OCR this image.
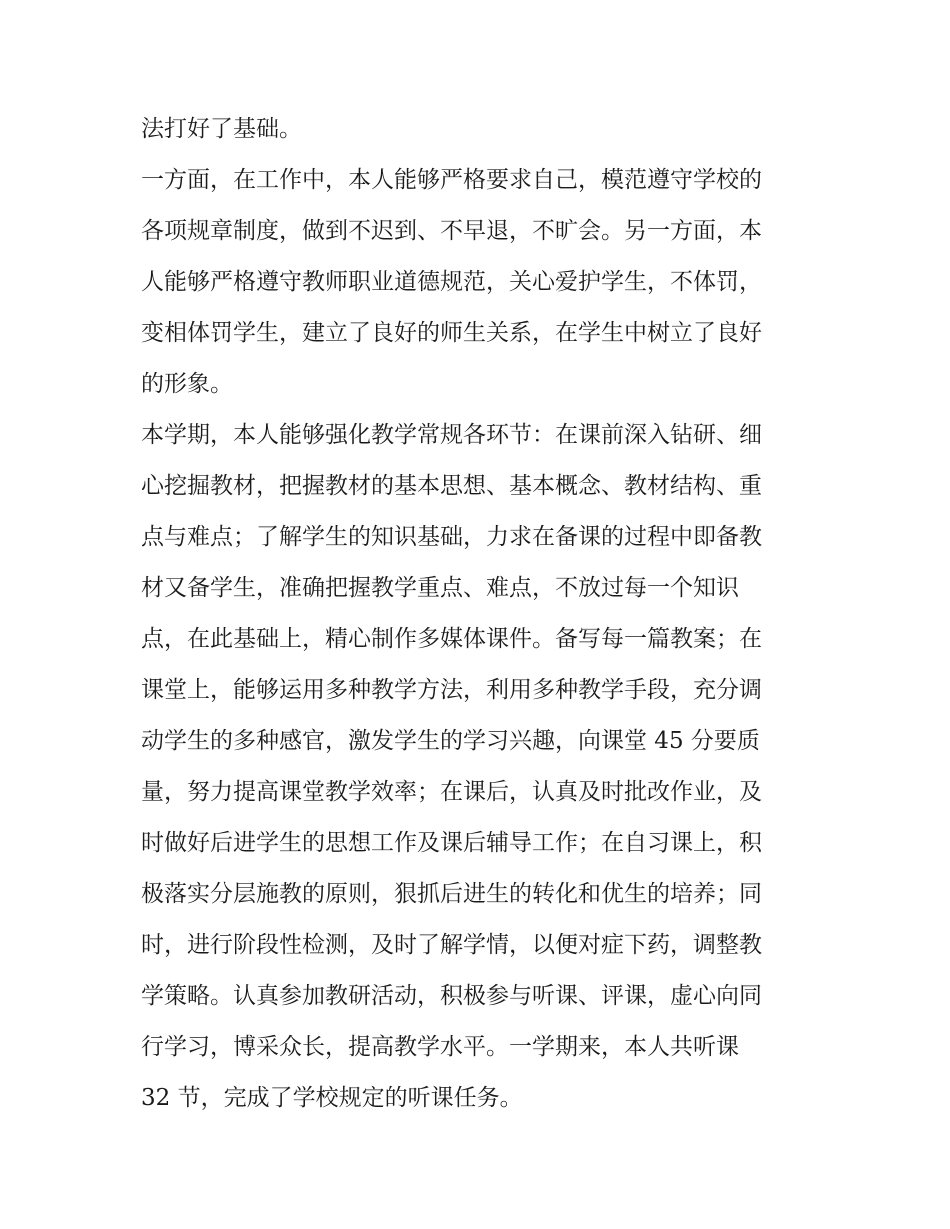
法打好了基础。
一方面，在工作中，本人能够严格要求自己，模范遵守学校的
各项规章制度，做到不迟到、不早退，不旷会。另一方面，本
人能够严格遵守教师职业道德规范，关心爱护学生，不体罚，
变相体罚学生，建立了良好的师生关系，在学生中树立了良好
的形象。
本学期，本人能够强化教学常规各环节：在课前深入钻研、细
心挖掘教材，把握教材的基本思想、基本概念、教材结构、重
点与难点；了解学生的知识基础，力求在备课的过程中即备教
材又备学生，准确把握教学重点、难点，不放过每一个知识
点，在此基础上，精心制作多媒体课件。备写每一篇教案；在
课堂上，能够运用多种教学方法，利用多种教学手段，充分调
动学生的多种感官，激发学生的学习兴趣，向课堂 45 分要质
量，努力提高课堂教学效率；在课后，认真及时批改作业，及
时做好后进学生的思想工作及课后辅导工作；在自习课上，积
极落实分层施教的原则，狠抓后进生的转化和优生的培养；同
时，进行阶段性检测，及时了解学情，以便对症下药，调整教
学策略。认真参加教研活动，积极参与听课、评课，虚心向同
行学习，博采众长，提高教学水平。一学期来，本人共听课
32 节，完成了学校规定的听课任务。
